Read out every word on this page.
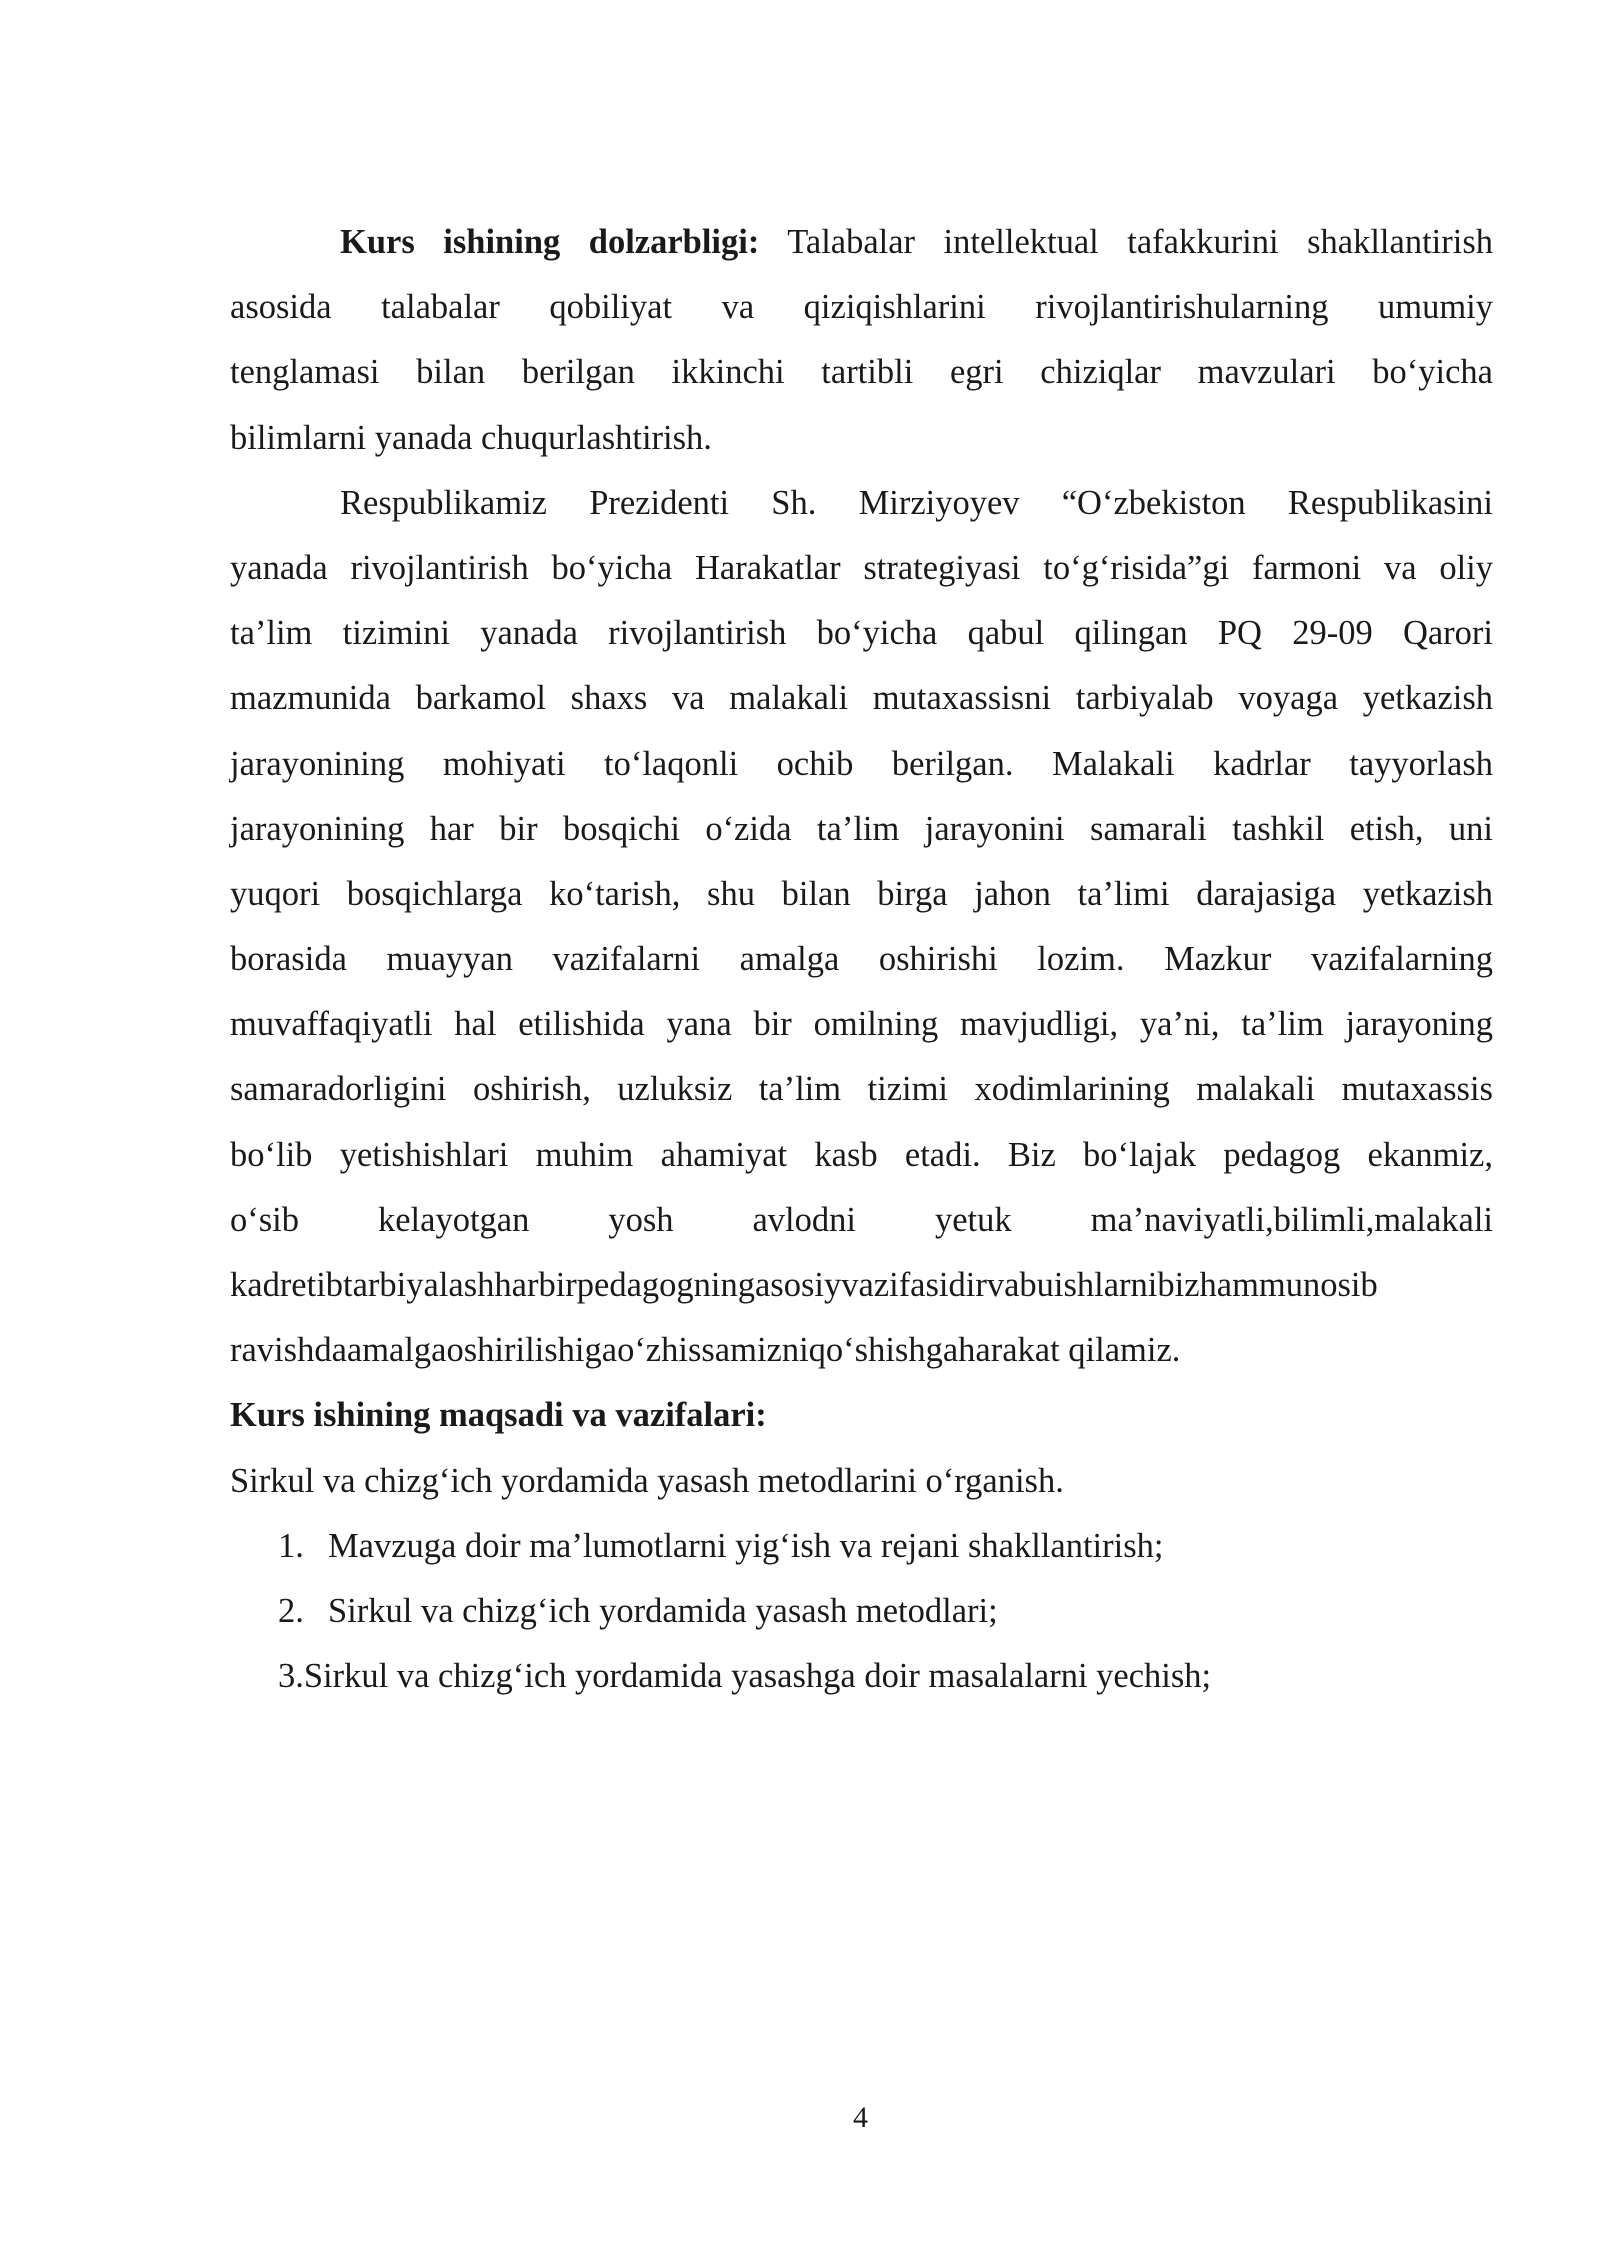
Kurs ishining dolzarbligi: Talabalar intellektual tafakkurini shakllantirish
asosida talabalar qobiliyat va qiziqishlarini rivojlantirishularning umumiy
tenglamasi bilan berilgan ikkinchi tartibli egri chiziqlar mavzulari bo‘yicha
bilimlarni yanada chuqurlashtirish.
Respublikamiz Prezidenti Sh. Mirziyoyev “O‘zbekiston Respublikasini
yanada rivojlantirish bo‘yicha Harakatlar strategiyasi to‘g‘risida”gi farmoni va oliy
ta’lim tizimini yanada rivojlantirish bo‘yicha qabul qilingan PQ 29-09 Qarori
mazmunida barkamol shaxs va malakali mutaxassisni tarbiyalab voyaga yetkazish
jarayonining mohiyati to‘laqonli ochib berilgan. Malakali kadrlar tayyorlash
jarayonining har bir bosqichi o‘zida ta’lim jarayonini samarali tashkil etish, uni
yuqori bosqichlarga ko‘tarish, shu bilan birga jahon ta’limi darajasiga yetkazish
borasida muayyan vazifalarni amalga oshirishi lozim. Mazkur vazifalarning
muvaffaqiyatli hal etilishida yana bir omilning mavjudligi, ya’ni, ta’lim jarayoning
samaradorligini oshirish, uzluksiz ta’lim tizimi xodimlarining malakali mutaxassis
bo‘lib yetishishlari muhim ahamiyat kasb etadi. Biz bo‘lajak pedagog ekanmiz,
o‘sib kelayotgan yosh avlodni yetuk ma’naviyatli,bilimli,malakali
kadretibtarbiyalashharbirpedagogningasosiyvazifasidirvabuishlarnibizhammunosib
ravishdaamalgaoshirilishigao‘zhissamizniqo‘shishgaharakat qilamiz.
Kurs ishining maqsadi va vazifalari:
Sirkul va chizg‘ich yordamida yasash metodlarini o‘rganish.
1. Mavzuga doir ma’lumotlarni yig‘ish va rejani shakllantirish;
2. Sirkul va chizg‘ich yordamida yasash metodlari;
3.Sirkul va chizg‘ich yordamida yasashga doir masalalarni yechish;
4
